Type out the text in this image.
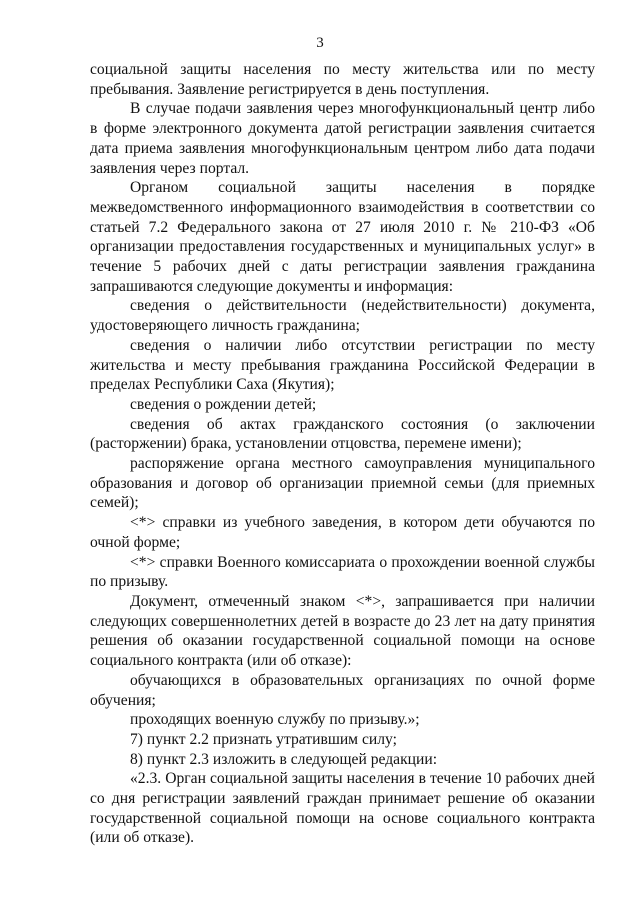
3

социальной защиты населения по месту жительства или по месту пребывания. Заявление регистрируется в день поступления.

В случае подачи заявления через многофункциональный центр либо в форме электронного документа датой регистрации заявления считается дата приема заявления многофункциональным центром либо дата подачи заявления через портал.

Органом социальной защиты населения в порядке межведомственного информационного взаимодействия в соответствии со статьей 7.2 Федерального закона от 27 июля 2010 г. № 210-ФЗ «Об организации предоставления государственных и муниципальных услуг» в течение 5 рабочих дней с даты регистрации заявления гражданина запрашиваются следующие документы и информация:

сведения о действительности (недействительности) документа, удостоверяющего личность гражданина;

сведения о наличии либо отсутствии регистрации по месту жительства и месту пребывания гражданина Российской Федерации в пределах Республики Саха (Якутия);

сведения о рождении детей;

сведения об актах гражданского состояния (о заключении (расторжении) брака, установлении отцовства, перемене имени);

распоряжение органа местного самоуправления муниципального образования и договор об организации приемной семьи (для приемных семей);

<*> справки из учебного заведения, в котором дети обучаются по очной форме;

<*> справки Военного комиссариата о прохождении военной службы по призыву.

Документ, отмеченный знаком <*>, запрашивается при наличии следующих совершеннолетних детей в возрасте до 23 лет на дату принятия решения об оказании государственной социальной помощи на основе социального контракта (или об отказе):

обучающихся в образовательных организациях по очной форме обучения;

проходящих военную службу по призыву.»;

7) пункт 2.2 признать утратившим силу;

8) пункт 2.3 изложить в следующей редакции:

«2.3. Орган социальной защиты населения в течение 10 рабочих дней со дня регистрации заявлений граждан принимает решение об оказании государственной социальной помощи на основе социального контракта (или об отказе).
